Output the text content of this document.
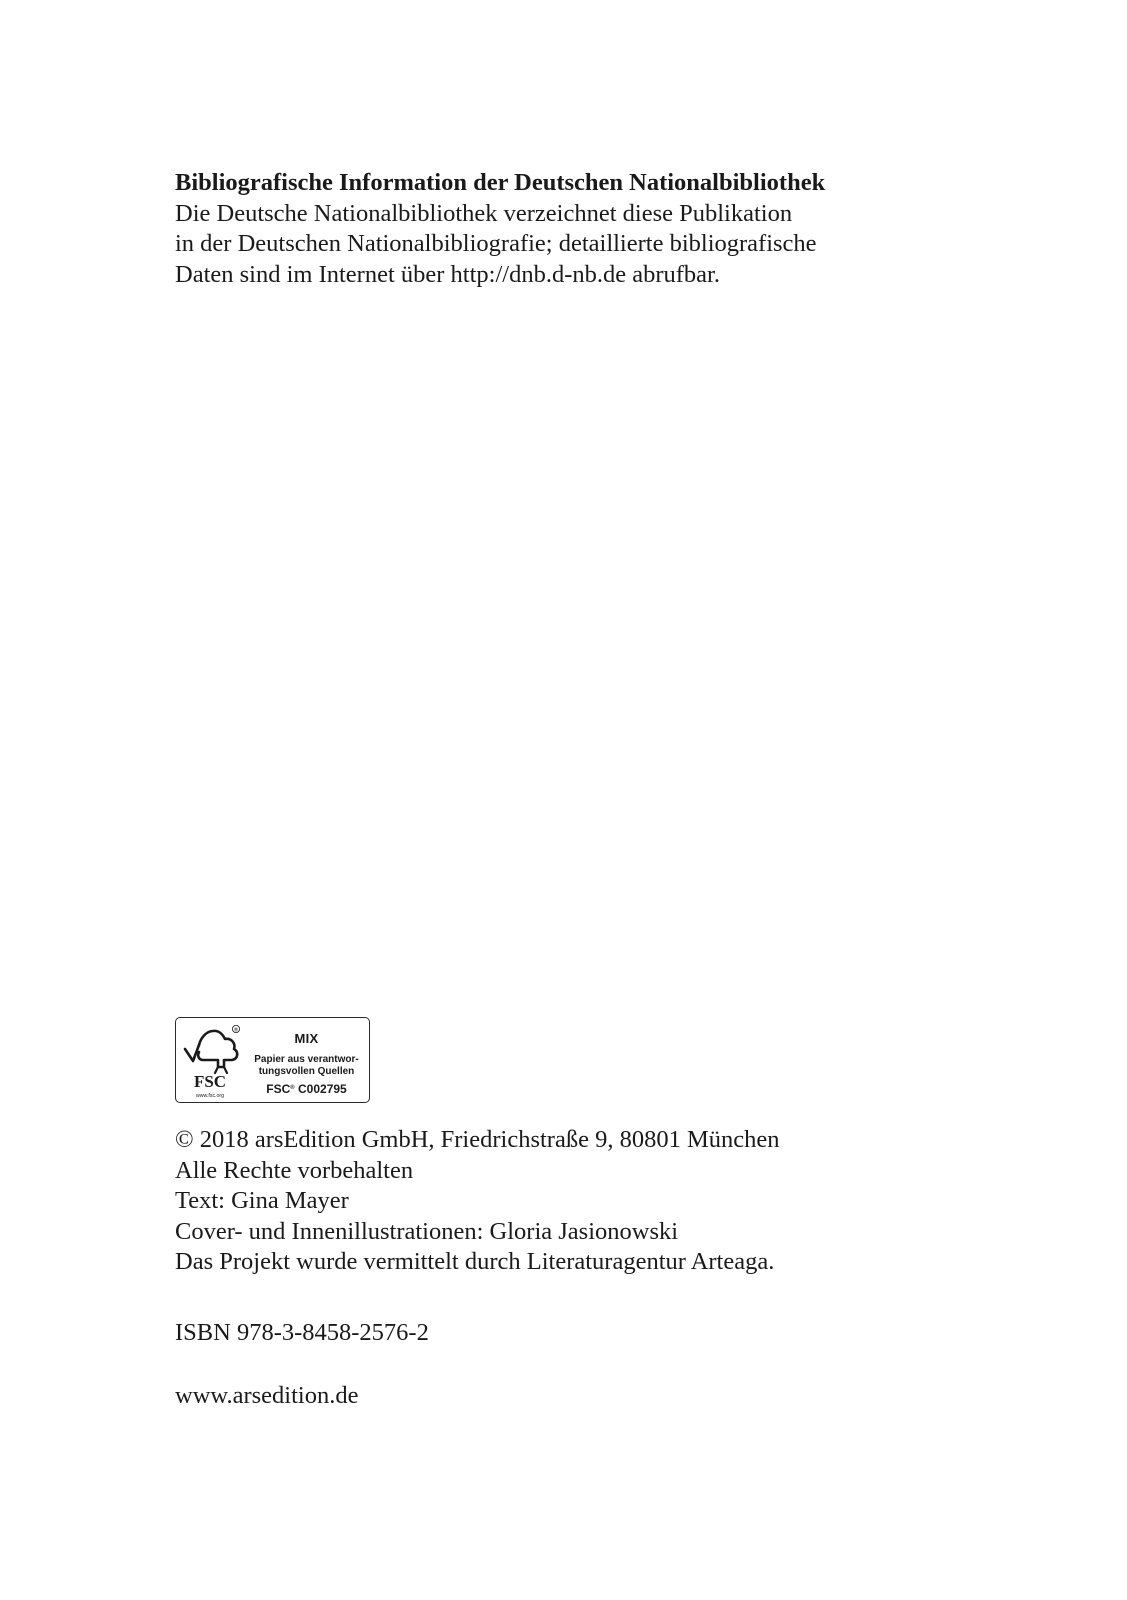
Bibliografische Information der Deutschen Nationalbibliothek
Die Deutsche Nationalbibliothek verzeichnet diese Publikation
in der Deutschen Nationalbibliografie; detaillierte bibliografische
Daten sind im Internet über http://dnb.d-nb.de abrufbar.
®
FSC
www.fsc.org
MIX
Papier aus verantwor-
tungsvollen Quellen
FSC® C002795
© 2018 arsEdition GmbH, Friedrichstraße 9, 80801 München
Alle Rechte vorbehalten
Text: Gina Mayer
Cover- und Innenillustrationen: Gloria Jasionowski
Das Projekt wurde vermittelt durch Literaturagentur Arteaga.
ISBN 978-3-8458-2576-2
www.arsedition.de
